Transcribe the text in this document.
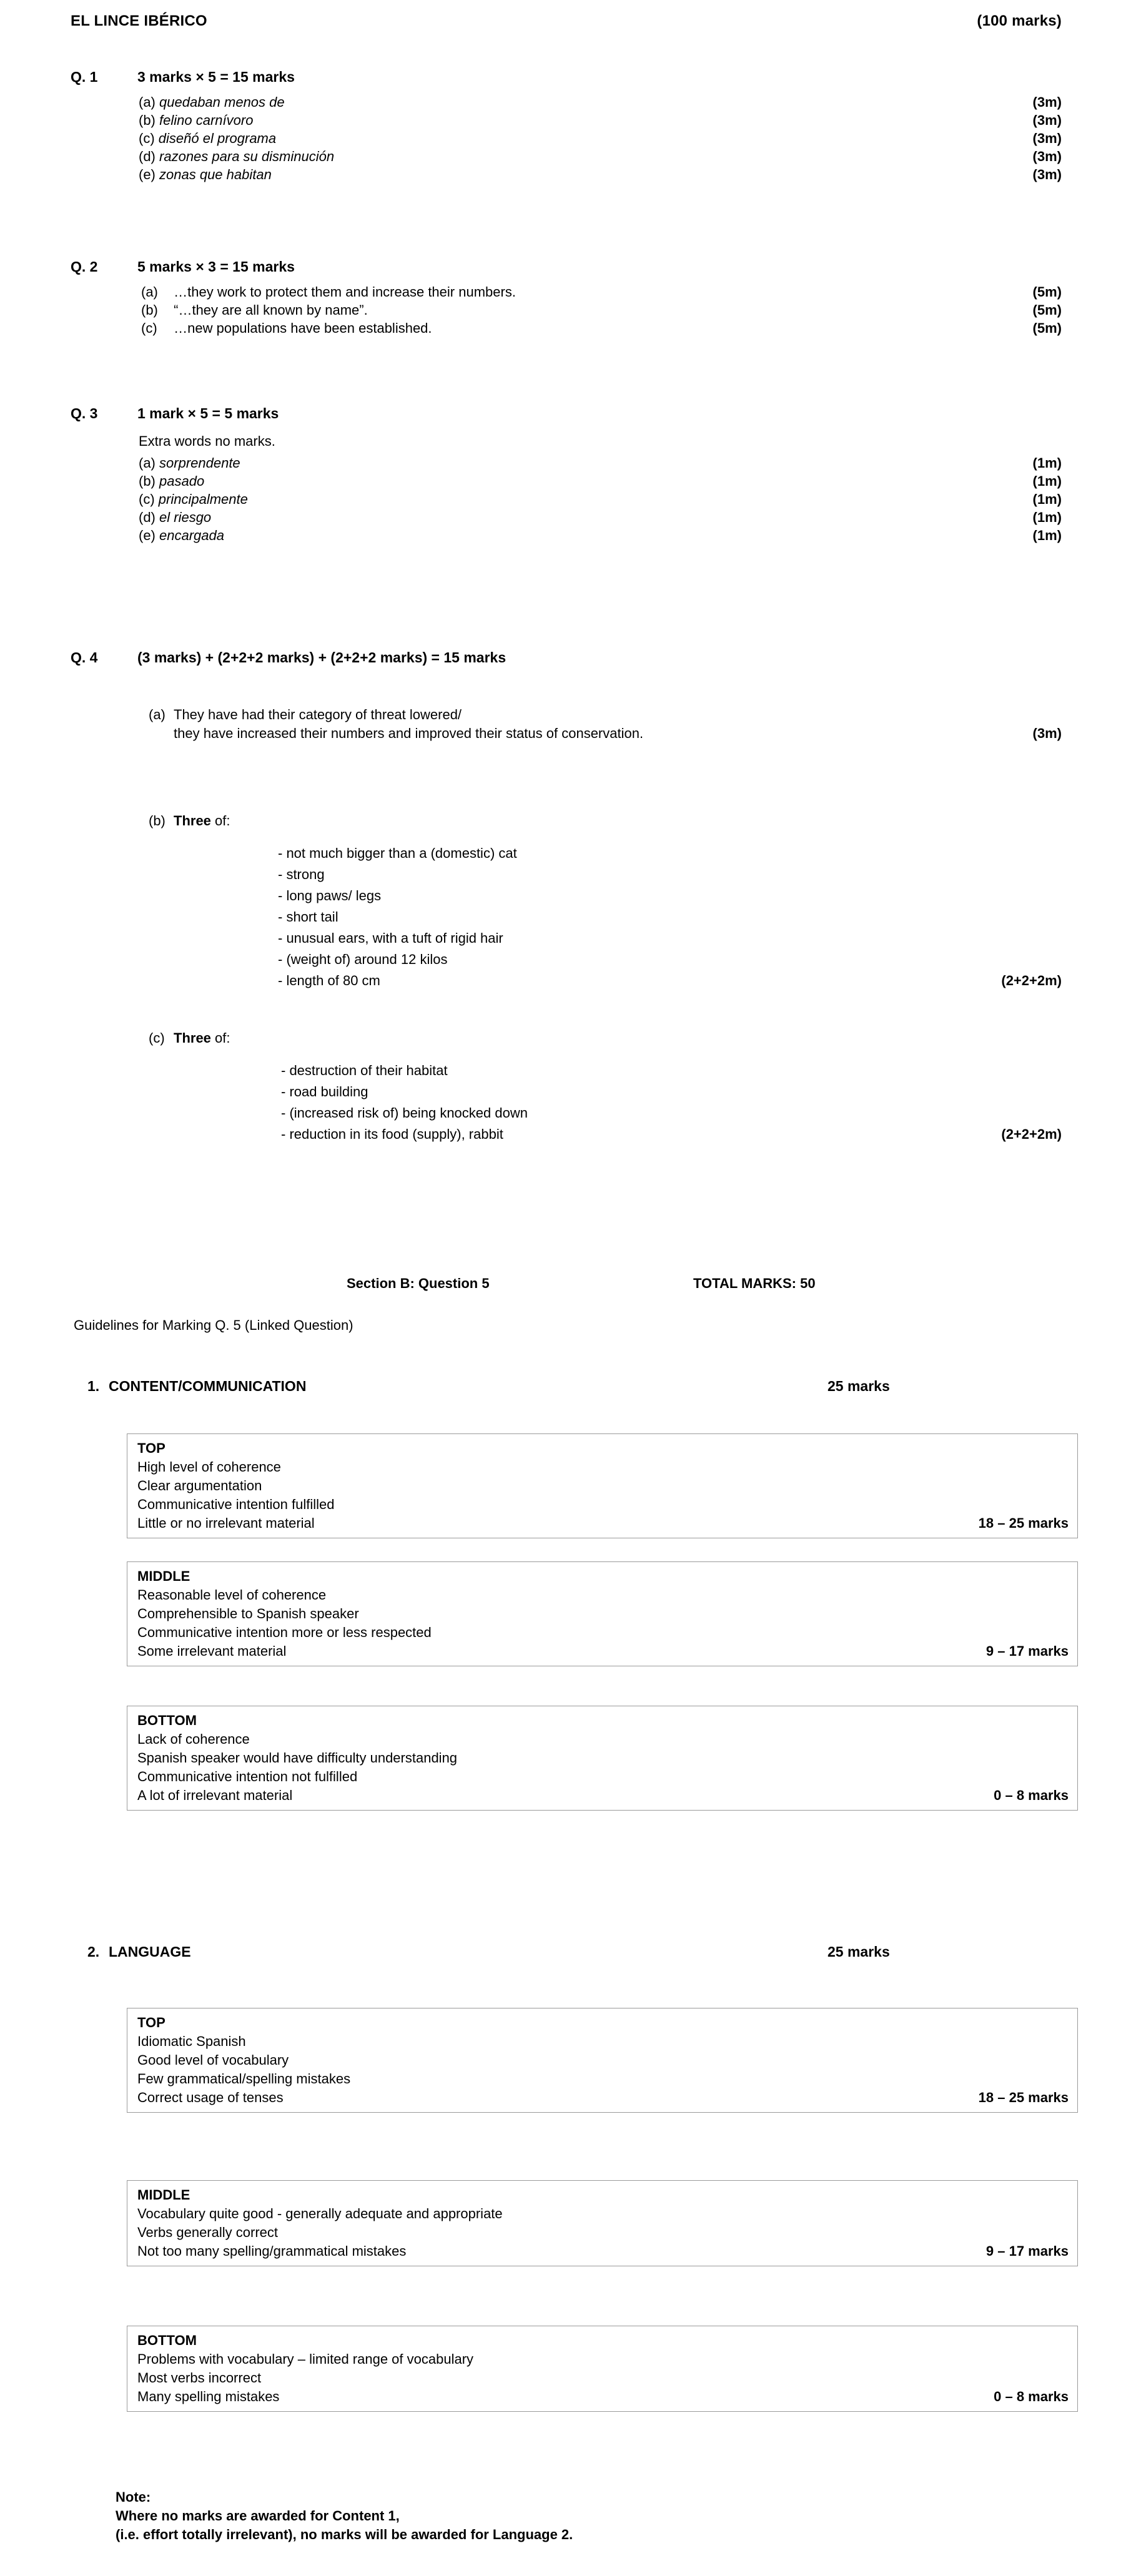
EL LINCE IBÉRICO	(100 marks)
Q. 1	3 marks × 5 = 15 marks
(a) quedaban menos de	(3m)
(b) felino carnívoro	(3m)
(c) diseñó el programa	(3m)
(d) razones para su disminución	(3m)
(e) zonas que habitan	(3m)
Q. 2	5 marks × 3 = 15 marks
(a) …they work to protect them and increase their numbers.	(5m)
(b) “…they are all known by name”.	(5m)
(c) …new populations have been established.	(5m)
Q. 3	1 mark × 5 = 5 marks
Extra words no marks.
(a) sorprendente	(1m)
(b) pasado	(1m)
(c) principalmente	(1m)
(d) el riesgo	(1m)
(e) encargada	(1m)
Q. 4	(3 marks) + (2+2+2 marks) + (2+2+2 marks) = 15 marks
(a) They have had their category of threat lowered/
they have increased their numbers and improved their status of conservation.	(3m)
(b) Three of:
- not much bigger than a (domestic) cat
- strong
- long paws/ legs
- short tail
- unusual ears, with a tuft of rigid hair
- (weight of) around 12 kilos
- length of 80 cm	(2+2+2m)
(c) Three of:
- destruction of their habitat
- road building
- (increased risk of) being knocked down
- reduction in its food (supply), rabbit	(2+2+2m)
Section B: Question 5	TOTAL MARKS: 50
Guidelines for Marking Q. 5 (Linked Question)
1. CONTENT/COMMUNICATION	25 marks
TOP
High level of coherence
Clear argumentation
Communicative intention fulfilled
Little or no irrelevant material	18 – 25 marks
MIDDLE
Reasonable level of coherence
Comprehensible to Spanish speaker
Communicative intention more or less respected
Some irrelevant material	9 – 17 marks
BOTTOM
Lack of coherence
Spanish speaker would have difficulty understanding
Communicative intention not fulfilled
A lot of irrelevant material	0 – 8 marks
2. LANGUAGE	25 marks
TOP
Idiomatic Spanish
Good level of vocabulary
Few grammatical/spelling mistakes
Correct usage of tenses	18 – 25 marks
MIDDLE
Vocabulary quite good - generally adequate and appropriate
Verbs generally correct
Not too many spelling/grammatical mistakes	9 – 17 marks
BOTTOM
Problems with vocabulary – limited range of vocabulary
Most verbs incorrect
Many spelling mistakes	0 – 8 marks
Note:
Where no marks are awarded for Content 1,
(i.e. effort totally irrelevant), no marks will be awarded for Language 2.
